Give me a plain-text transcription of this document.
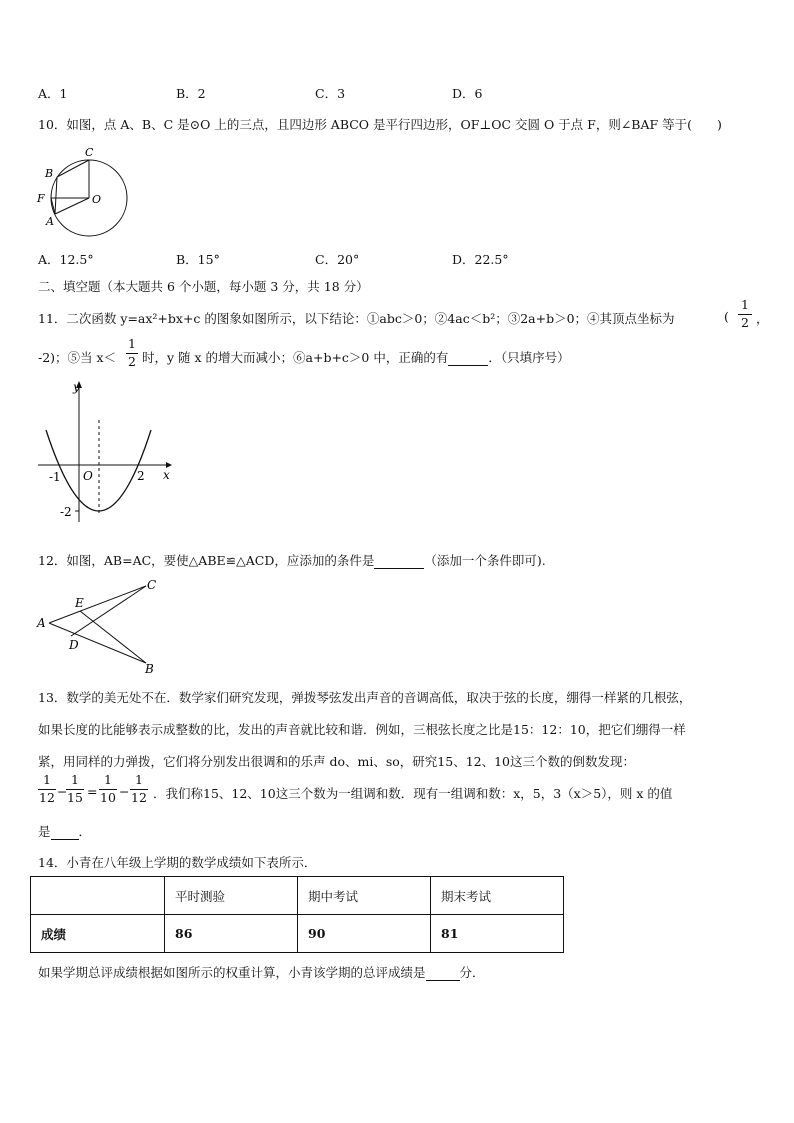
A．1	B．2	C．3	D．6
10．如图，点 A、B、C 是⊙O 上的三点，且四边形 ABCO 是平行四边形，OF⊥OC 交圆 O 于点 F，则∠BAF 等于(　　)
C
B
F
A
O
A．12.5°	B．15°	C．20°	D．22.5°
二、填空题（本大题共 6 个小题，每小题 3 分，共 18 分）
11．二次函数 y=ax²+bx+c 的图象如图所示，以下结论：①abc＞0；②4ac＜b²；③2a+b＞0；④其顶点坐标为	(
1
2 ，
-2)；⑤当 x＜
1
2 时，y 随 x 的增大而减小；⑥a+b+c＞0 中，正确的有	．（只填序号）
y
x
O
-1	2
-2
12．如图，AB=AC，要使△ABE≌△ACD，应添加的条件是	（添加一个条件即可).
C
E
A
D
B
13．数学的美无处不在．数学家们研究发现，弹拨琴弦发出声音的音调高低，取决于弦的长度，绷得一样紧的几根弦，
如果长度的比能够表示成整数的比，发出的声音就比较和谐．例如，三根弦长度之比是15：12：10，把它们绷得一样
紧，用同样的力弹拨，它们将分别发出很调和的乐声 do、mi、so，研究15、12、10这三个数的倒数发现：
1
12 −
1
15 =
1
10 −
1
12 ．我们称15、12、10这三个数为一组调和数．现有一组调和数：x，5，3（x＞5），则 x 的值
是 ．
14．小青在八年级上学期的数学成绩如下表所示．
	平时测验	期中考试	期末考试
成绩	86	90	81
如果学期总评成绩根据如图所示的权重计算，小青该学期的总评成绩是	分．
